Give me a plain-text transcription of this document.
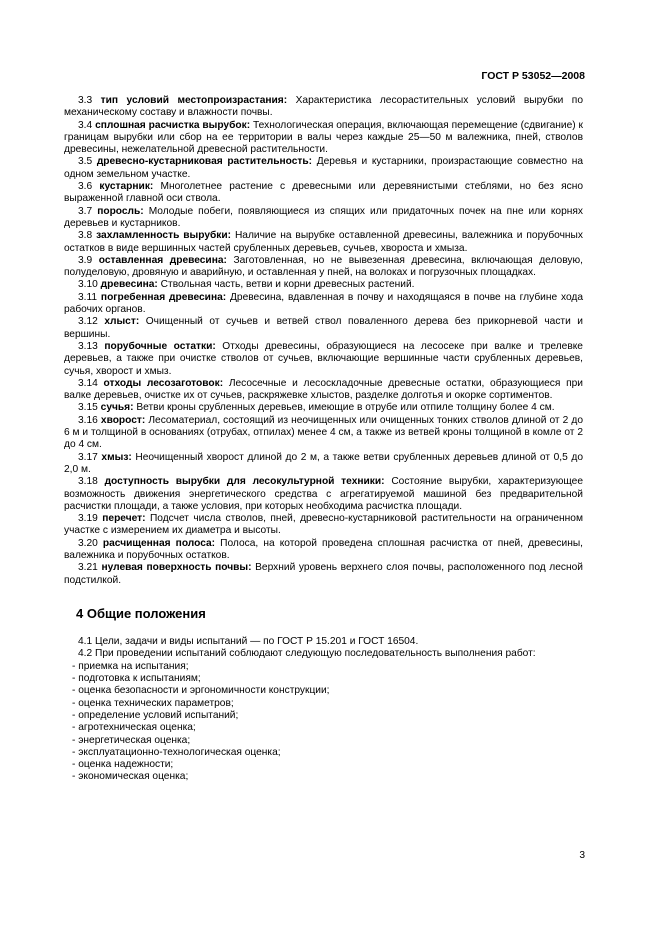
ГОСТ Р 53052—2008

3.3 тип условий местопроизрастания: Характеристика лесорастительных условий вырубки по механическому составу и влажности почвы.

3.4 сплошная расчистка вырубок: Технологическая операция, включающая перемещение (сдвигание) к границам вырубки или сбор на ее территории в валы через каждые 25—50 м валежника, пней, стволов древесины, нежелательной древесной растительности.

3.5 древесно-кустарниковая растительность: Деревья и кустарники, произрастающие совместно на одном земельном участке.

3.6 кустарник: Многолетнее растение с древесными или деревянистыми стеблями, но без ясно выраженной главной оси ствола.

3.7 поросль: Молодые побеги, появляющиеся из спящих или придаточных почек на пне или корнях деревьев и кустарников.

3.8 захламленность вырубки: Наличие на вырубке оставленной древесины, валежника и порубочных остатков в виде вершинных частей срубленных деревьев, сучьев, хвороста и хмыза.

3.9 оставленная древесина: Заготовленная, но не вывезенная древесина, включающая деловую, полуделовую, дровяную и аварийную, и оставленная у пней, на волоках и погрузочных площадках.

3.10 древесина: Ствольная часть, ветви и корни древесных растений.

3.11 погребенная древесина: Древесина, вдавленная в почву и находящаяся в почве на глубине хода рабочих органов.

3.12 хлыст: Очищенный от сучьев и ветвей ствол поваленного дерева без прикорневой части и вершины.

3.13 порубочные остатки: Отходы древесины, образующиеся на лесосеке при валке и трелевке деревьев, а также при очистке стволов от сучьев, включающие вершинные части срубленных деревьев, сучья, хворост и хмыз.

3.14 отходы лесозаготовок: Лесосечные и лесоскладочные древесные остатки, образующиеся при валке деревьев, очистке их от сучьев, раскряжевке хлыстов, разделке долготья и окорке сортиментов.

3.15 сучья: Ветви кроны срубленных деревьев, имеющие в отрубе или отпиле толщину более 4 см.

3.16 хворост: Лесоматериал, состоящий из неочищенных или очищенных тонких стволов длиной от 2 до 6 м и толщиной в основаниях (отрубах, отпилах) менее 4 см, а также из ветвей кроны толщиной в комле от 2 до 4 см.

3.17 хмыз: Неочищенный хворост длиной до 2 м, а также ветви срубленных деревьев длиной от 0,5 до 2,0 м.

3.18 доступность вырубки для лесокультурной техники: Состояние вырубки, характеризующее возможность движения энергетического средства с агрегатируемой машиной без предварительной расчистки площади, а также условия, при которых необходима расчистка площади.

3.19 перечет: Подсчет числа стволов, пней, древесно-кустарниковой растительности на ограниченном участке с измерением их диаметра и высоты.

3.20 расчищенная полоса: Полоса, на которой проведена сплошная расчистка от пней, древесины, валежника и порубочных остатков.

3.21 нулевая поверхность почвы: Верхний уровень верхнего слоя почвы, расположенного под лесной подстилкой.

4 Общие положения

4.1 Цели, задачи и виды испытаний — по ГОСТ Р 15.201 и ГОСТ 16504.

4.2 При проведении испытаний соблюдают следующую последовательность выполнения работ:

- приемка на испытания;
- подготовка к испытаниям;
- оценка безопасности и эргономичности конструкции;
- оценка технических параметров;
- определение условий испытаний;
- агротехническая оценка;
- энергетическая оценка;
- эксплуатационно-технологическая оценка;
- оценка надежности;
- экономическая оценка;
3
